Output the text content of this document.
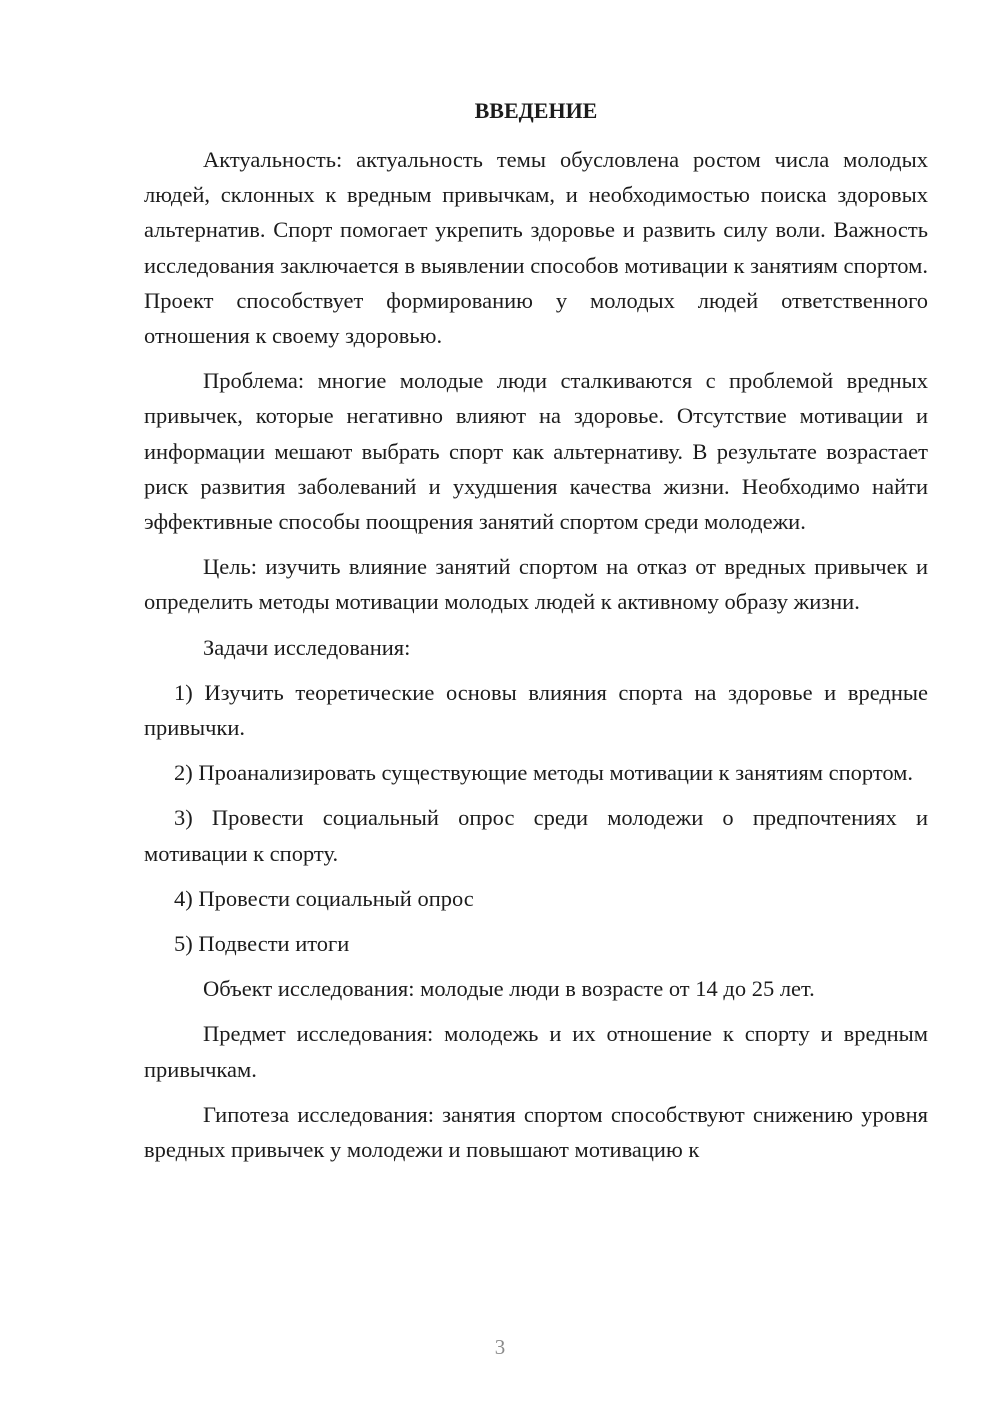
ВВЕДЕНИЕ

Актуальность: актуальность темы обусловлена ростом числа молодых людей, склонных к вредным привычкам, и необходимостью поиска здоровых альтернатив. Спорт помогает укрепить здоровье и развить силу воли. Важность исследования заключается в выявлении способов мотивации к занятиям спортом. Проект способствует формированию у молодых людей ответственного отношения к своему здоровью.

Проблема: многие молодые люди сталкиваются с проблемой вредных привычек, которые негативно влияют на здоровье. Отсутствие мотивации и информации мешают выбрать спорт как альтернативу. В результате возрастает риск развития заболеваний и ухудшения качества жизни. Необходимо найти эффективные способы поощрения занятий спортом среди молодежи.

Цель: изучить влияние занятий спортом на отказ от вредных привычек и определить методы мотивации молодых людей к активному образу жизни.

Задачи исследования:

1) Изучить теоретические основы влияния спорта на здоровье и вредные привычки.

2) Проанализировать существующие методы мотивации к занятиям спортом.

3) Провести социальный опрос среди молодежи о предпочтениях и мотивации к спорту.

4) Провести социальный опрос

5) Подвести итоги

Объект исследования: молодые люди в возрасте от 14 до 25 лет.

Предмет исследования: молодежь и их отношение к спорту и вредным привычкам.

Гипотеза исследования: занятия спортом способствуют снижению уровня вредных привычек у молодежи и повышают мотивацию к

3
